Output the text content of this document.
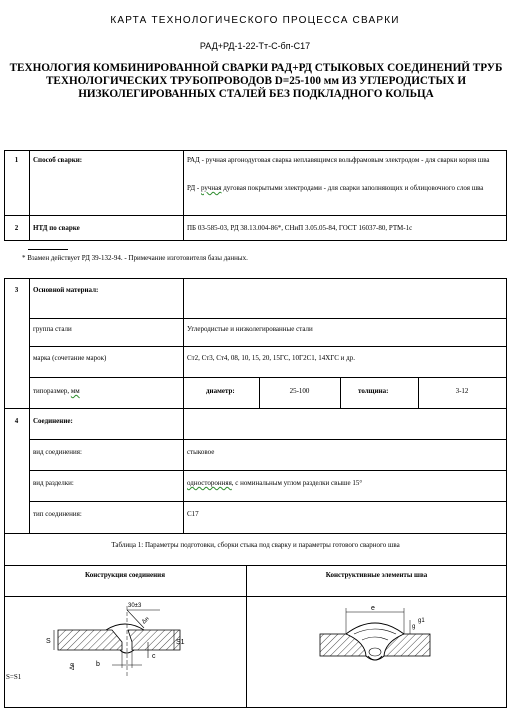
КАРТА ТЕХНОЛОГИЧЕСКОГО ПРОЦЕССА СВАРКИ
РАД+РД-1-22-Тт-С-бп-С17
ТЕХНОЛОГИЯ КОМБИНИРОВАННОЙ СВАРКИ РАД+РД СТЫКОВЫХ СОЕДИНЕНИЙ ТРУБ
ТЕХНОЛОГИЧЕСКИХ ТРУБОПРОВОДОВ D=25-100 мм ИЗ УГЛЕРОДИСТЫХ И
НИЗКОЛЕГИРОВАННЫХ СТАЛЕЙ БЕЗ ПОДКЛАДНОГО КОЛЬЦА
1	Способ сварки:	РАД - ручная аргонодуговая сварка неплавящимся вольфрамовым электродом - для сварки корня шва
РД - ручная дуговая покрытыми электродами - для сварки заполняющих и облицовочного слоя шва
2	НТД по сварке	ПБ 03-585-03, РД 38.13.004-86*, СНиП 3.05.05-84, ГОСТ 16037-80, РТМ-1с
* Взамен действует РД 39-132-94. - Примечание изготовителя базы данных.
3	Основной материал:
группа стали	Углеродистые и низколегированные стали
марка (сочетание марок)	Ст2, Ст3, Ст4, 08, 10, 15, 20, 15ГС, 10Г2С1, 14ХГС и др.
типоразмер, мм	диаметр:	25-100	толщина:	3-12
4	Соединение:
вид соединения:	стыковое
вид разделки:	односторонняя, с номинальным углом разделки свыше 15°
тип соединения:	С17
Таблица 1: Параметры подготовки, сборки стыка под сварку и параметры готового сварного шва
Конструкция соединения	Конструктивные элементы шва
S=S1
30±3
Δн
S	S1
c
b
Δв
e
g
g1
